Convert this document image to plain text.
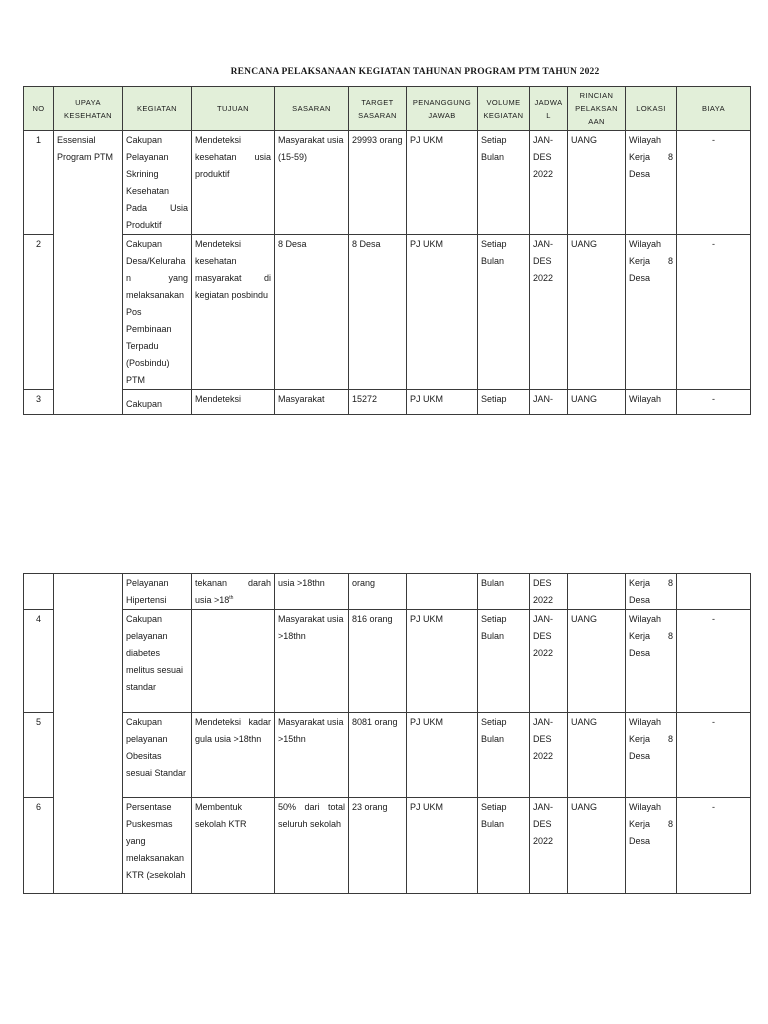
RENCANA PELAKSANAAN KEGIATAN TAHUNAN PROGRAM PTM TAHUN 2022
NO	UPAYA KESEHATAN	KEGIATAN	TUJUAN	SASARAN	TARGET SASARAN	PENANGGUNG JAWAB	VOLUME KEGIATAN	JADWA L	RINCIAN PELAKSAN AAN	LOKASI	BIAYA
1	Essensial Program PTM	Cakupan Pelayanan Skrining Kesehatan Pada Usia Produktif	Mendeteksi kesehatan usia produktif	Masyarakat usia (15-59)	29993 orang	PJ UKM	Setiap Bulan	JAN-DES 2022	UANG	Wilayah Kerja 8 Desa	-
2		Cakupan Desa/Kelurahan yang melaksanakan Pos Pembinaan Terpadu (Posbindu) PTM	Mendeteksi kesehatan masyarakat di kegiatan posbindu	8 Desa	8 Desa	PJ UKM	Setiap Bulan	JAN-DES 2022	UANG	Wilayah Kerja 8 Desa	-
3		Cakupan	Mendeteksi	Masyarakat	15272	PJ UKM	Setiap	JAN-	UANG	Wilayah	-
		Pelayanan Hipertensi	tekanan darah usia >18th	usia >18thn	orang		Bulan	DES 2022		Kerja 8 Desa	
4		Cakupan pelayanan diabetes melitus sesuai standar		Masyarakat usia >18thn	816 orang	PJ UKM	Setiap Bulan	JAN-DES 2022	UANG	Wilayah Kerja 8 Desa	-
5		Cakupan pelayanan Obesitas sesuai Standar	Mendeteksi kadar gula usia >18thn	Masyarakat usia >15thn	8081 orang	PJ UKM	Setiap Bulan	JAN-DES 2022	UANG	Wilayah Kerja 8 Desa	-
6		Persentase Puskesmas yang melaksanakan KTR (≥sekolah	Membentuk sekolah KTR	50% dari total seluruh sekolah	23 orang	PJ UKM	Setiap Bulan	JAN-DES 2022	UANG	Wilayah Kerja 8 Desa	-
